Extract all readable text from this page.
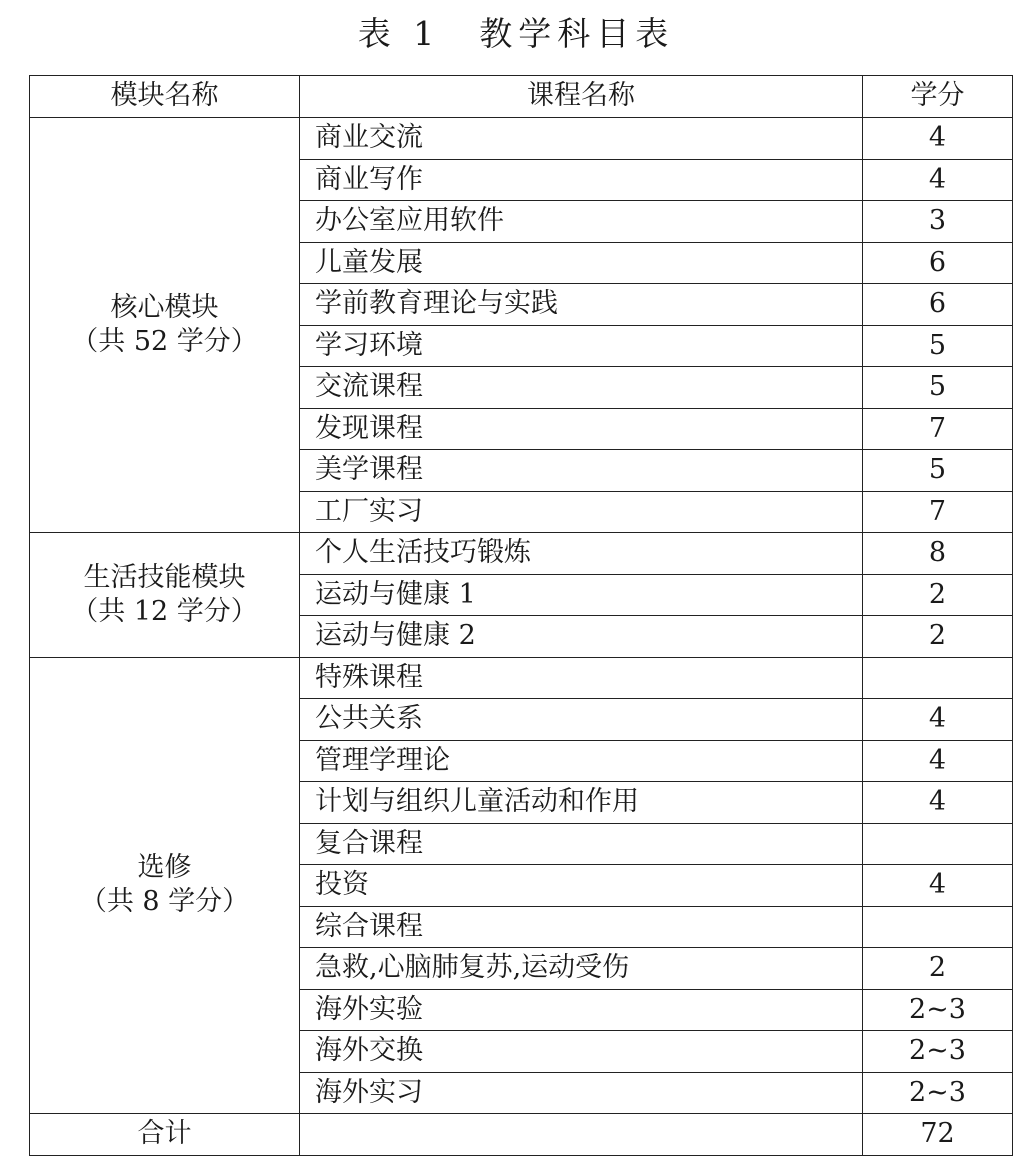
表 1　教学科目表
模块名称	课程名称	学分

核心模块
（共 52 学分）	商业交流	4
	商业写作	4
	办公室应用软件	3
	儿童发展	6
	学前教育理论与实践	6
	学习环境	5
	交流课程	5
	发现课程	7
	美学课程	5
	工厂实习	7

生活技能模块
（共 12 学分）	个人生活技巧锻炼	8
	运动与健康 1	2
	运动与健康 2	2

选修
（共 8 学分）	特殊课程	
	公共关系	4
	管理学理论	4
	计划与组织儿童活动和作用	4
	复合课程	
	投资	4
	综合课程	
	急救,心脑肺复苏,运动受伤	2
	海外实验	2~3
	海外交换	2~3
	海外实习	2~3
合计		72
